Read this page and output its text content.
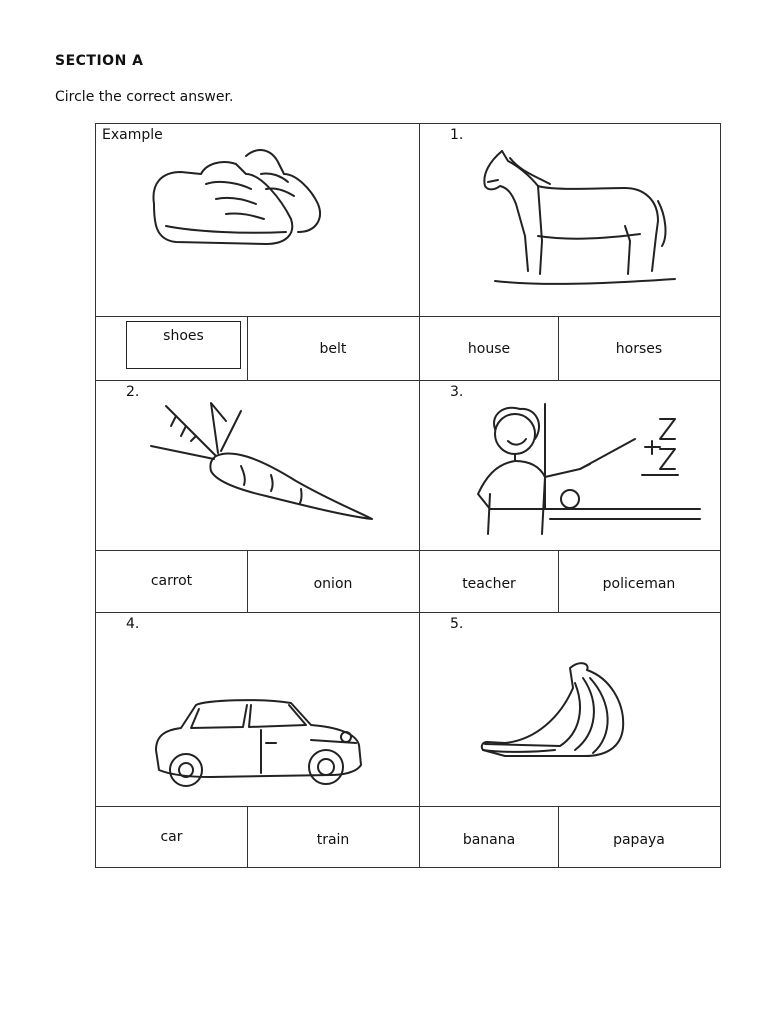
SECTION A
Circle the correct answer.
Example	1.
shoes
belt	house	horses
2.	3.
carrot	onion	teacher	policeman
4.	5.
car	train	banana	papaya
